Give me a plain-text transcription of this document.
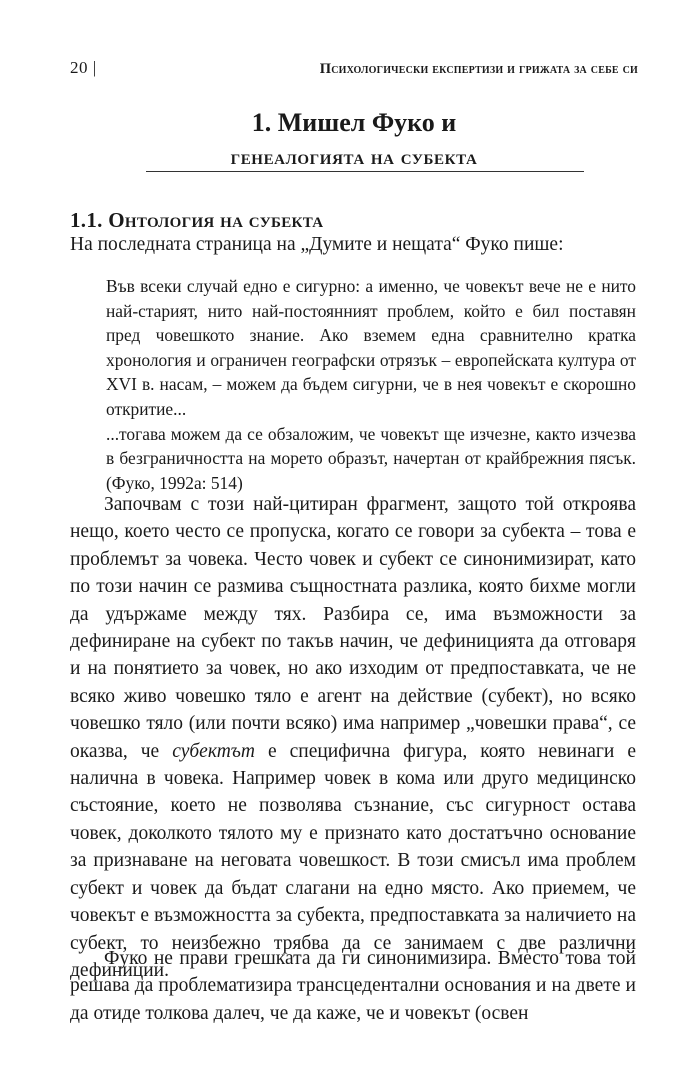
20 |	Психологически експертизи и грижата за себе си
1. Мишел Фуко и
генеалогията на субекта
1.1. Онтология на субекта
На последната страница на „Думите и нещата“ Фуко пише:

Във всеки случай едно е сигурно: а именно, че човекът вече не е нито най-старият, нито най-постоянният проблем, който е бил поставян пред човешкото знание. Ако вземем една сравнително кратка хронология и ограничен географски отрязък – европейската култура от XVI в. насам, – можем да бъдем сигурни, че в нея човекът е скорошно откритие...

...тогава можем да се обзаложим, че човекът ще изчезне, както изчезва в безграничността на морето образът, начертан от крайбрежния пясък. (Фуко, 1992а: 514)

Започвам с този най-цитиран фрагмент, защото той откроява нещо, което често се пропуска, когато се говори за субекта – това е проблемът за човека. Често човек и субект се синонимизират, като по този начин се размива същностната разлика, която бихме могли да удържаме между тях. Разбира се, има възможности за дефиниране на субект по такъв начин, че дефиницията да отговаря и на понятието за човек, но ако изходим от предпоставката, че не всяко живо човешко тяло е агент на действие (субект), но всяко човешко тяло (или почти всяко) има например „човешки права“, се оказва, че субектът е специфична фигура, която невинаги е налична в човека. Например човек в кома или друго медицинско състояние, което не позволява съзнание, със сигурност остава човек, доколкото тялото му е признато като достатъчно основание за признаване на неговата човешкост. В този смисъл има проблем субект и човек да бъдат слагани на едно място. Ако приемем, че човекът е възможността за субекта, предпоставката за наличието на субект, то неизбежно трябва да се занимаем с две различни дефиниции.

Фуко не прави грешката да ги синонимизира. Вместо това той решава да проблематизира трансцедентални основания и на двете и да отиде толкова далеч, че да каже, че и човекът (освен
